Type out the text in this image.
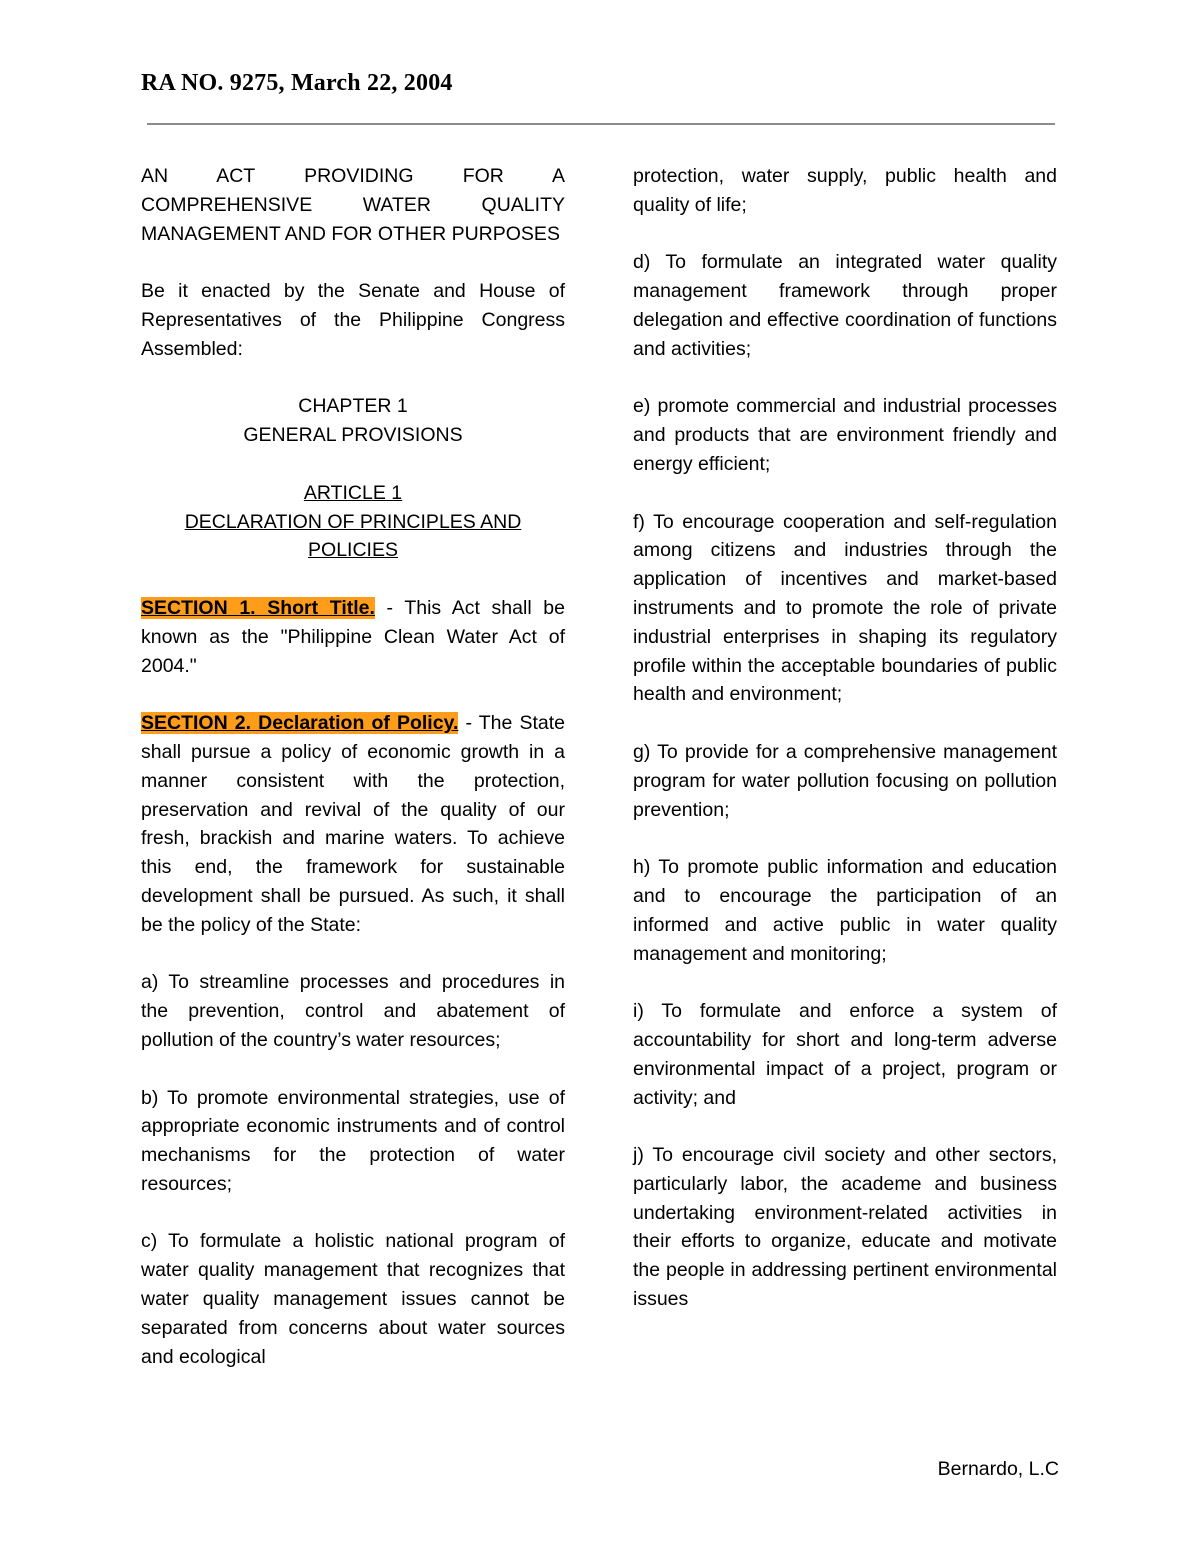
RA NO. 9275, March 22, 2004

AN ACT PROVIDING FOR A COMPREHENSIVE WATER QUALITY MANAGEMENT AND FOR OTHER PURPOSES

Be it enacted by the Senate and House of Representatives of the Philippine Congress Assembled:

CHAPTER 1

GENERAL PROVISIONS

ARTICLE 1

DECLARATION OF PRINCIPLES AND POLICIES

SECTION 1. Short Title. - This Act shall be known as the "Philippine Clean Water Act of 2004."

SECTION 2. Declaration of Policy. - The State shall pursue a policy of economic growth in a manner consistent with the protection, preservation and revival of the quality of our fresh, brackish and marine waters. To achieve this end, the framework for sustainable development shall be pursued. As such, it shall be the policy of the State:

a) To streamline processes and procedures in the prevention, control and abatement of pollution of the country’s water resources;

b) To promote environmental strategies, use of appropriate economic instruments and of control mechanisms for the protection of water resources;

c) To formulate a holistic national program of water quality management that recognizes that water quality management issues cannot be separated from concerns about water sources and ecological

protection, water supply, public health and quality of life;

d) To formulate an integrated water quality management framework through proper delegation and effective coordination of functions and activities;

e) promote commercial and industrial processes and products that are environment friendly and energy efficient;

f) To encourage cooperation and self-regulation among citizens and industries through the application of incentives and market-based instruments and to promote the role of private industrial enterprises in shaping its regulatory profile within the acceptable boundaries of public health and environment;

g) To provide for a comprehensive management program for water pollution focusing on pollution prevention;

h) To promote public information and education and to encourage the participation of an informed and active public in water quality management and monitoring;

i) To formulate and enforce a system of accountability for short and long-term adverse environmental impact of a project, program or activity; and

j) To encourage civil society and other sectors, particularly labor, the academe and business undertaking environment-related activities in their efforts to organize, educate and motivate the people in addressing pertinent environmental issues

Bernardo, L.C
